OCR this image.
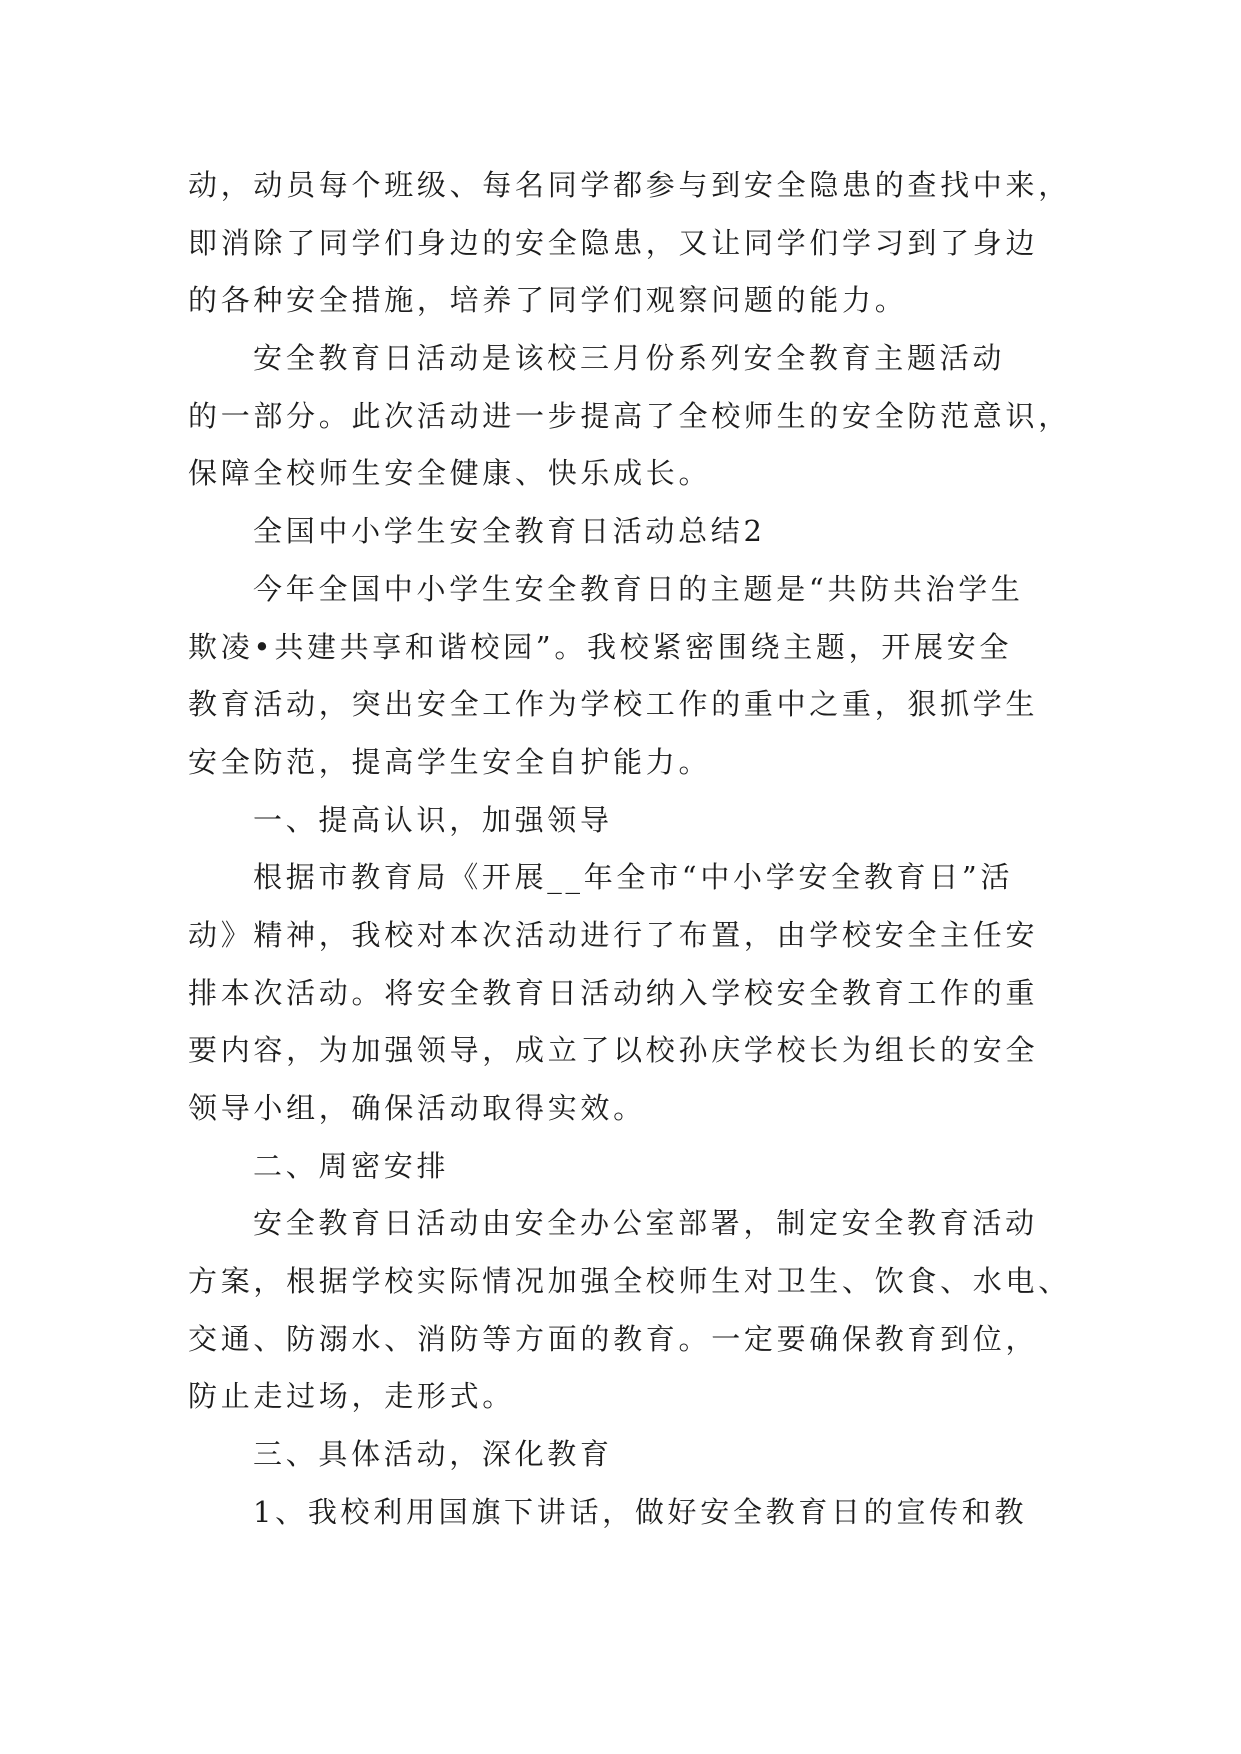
动，动员每个班级、每名同学都参与到安全隐患的查找中来，
即消除了同学们身边的安全隐患，又让同学们学习到了身边
的各种安全措施，培养了同学们观察问题的能力。
安全教育日活动是该校三月份系列安全教育主题活动
的一部分。此次活动进一步提高了全校师生的安全防范意识，
保障全校师生安全健康、快乐成长。
全国中小学生安全教育日活动总结2
今年全国中小学生安全教育日的主题是“共防共治学生
欺凌•共建共享和谐校园”。我校紧密围绕主题，开展安全
教育活动，突出安全工作为学校工作的重中之重，狠抓学生
安全防范，提高学生安全自护能力。
一、提高认识，加强领导
根据市教育局《开展__年全市“中小学安全教育日”活
动》精神，我校对本次活动进行了布置，由学校安全主任安
排本次活动。将安全教育日活动纳入学校安全教育工作的重
要内容，为加强领导，成立了以校孙庆学校长为组长的安全
领导小组，确保活动取得实效。
二、周密安排
安全教育日活动由安全办公室部署，制定安全教育活动
方案，根据学校实际情况加强全校师生对卫生、饮食、水电、
交通、防溺水、消防等方面的教育。一定要确保教育到位，
防止走过场，走形式。
三、具体活动，深化教育
1、我校利用国旗下讲话，做好安全教育日的宣传和教
